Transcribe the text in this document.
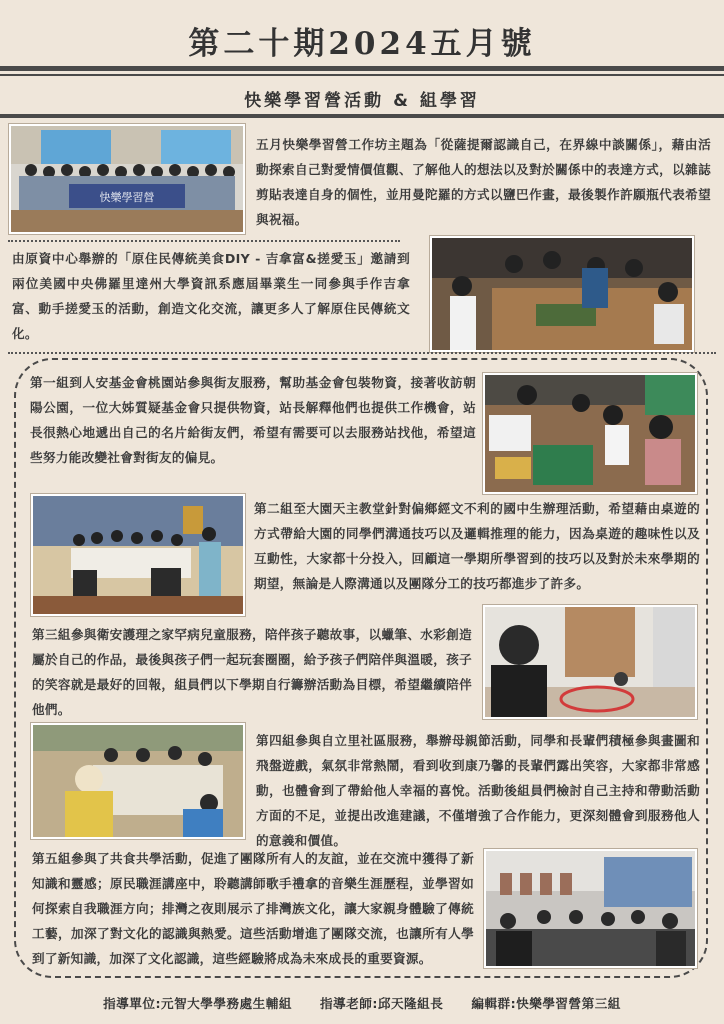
第二十期2024五月號
快樂學習營活動 & 組學習
快樂學習營
五月快樂學習營工作坊主題為「從薩提爾認識自己，在界線中談關係」，藉由活動探索自己對愛情價值觀、了解他人的想法以及對於關係中的表達方式，以雜誌剪貼表達自身的個性，並用曼陀羅的方式以鹽巴作畫，最後製作許願瓶代表希望與祝福。
由原資中心舉辦的「原住民傳統美食DIY - 吉拿富&搓愛玉」邀請到兩位美國中央佛羅里達州大學資訊系應屆畢業生一同參與手作吉拿富、動手搓愛玉的活動，創造文化交流，讓更多人了解原住民傳統文化。
第一組到人安基金會桃園站參與街友服務，幫助基金會包裝物資，接著收訪朝陽公園，一位大姊質疑基金會只提供物資，站長解釋他們也提供工作機會，站長很熱心地遞出自己的名片給街友們，希望有需要可以去服務站找他，希望這些努力能改變社會對街友的偏見。
第二組至大園天主教堂針對偏鄉經文不利的國中生辦理活動，希望藉由桌遊的方式帶給大園的同學們溝通技巧以及邏輯推理的能力，因為桌遊的趣味性以及互動性，大家都十分投入，回顧這一學期所學習到的技巧以及對於未來學期的期望，無論是人際溝通以及團隊分工的技巧都進步了許多。
第三組參與衛安護理之家罕病兒童服務，陪伴孩子聽故事，以蠟筆、水彩創造屬於自己的作品，最後與孩子們一起玩套圈圈，給予孩子們陪伴與溫暖，孩子的笑容就是最好的回報，組員們以下學期自行籌辦活動為目標，希望繼續陪伴他們。
第四組參與自立里社區服務，舉辦母親節活動，同學和長輩們積極參與畫圖和飛盤遊戲，氣氛非常熱鬧，看到收到康乃馨的長輩們露出笑容，大家都非常感動，也體會到了帶給他人幸福的喜悅。活動後組員們檢討自己主持和帶動活動方面的不足，並提出改進建議，不僅增強了合作能力，更深刻體會到服務他人的意義和價值。
第五組參與了共食共學活動，促進了團隊所有人的友誼，並在交流中獲得了新知識和靈感；原民職涯講座中，聆聽講師歌手禮拿的音樂生涯歷程，並學習如何探索自我職涯方向；排灣之夜則展示了排灣族文化，讓大家親身體驗了傳統工藝，加深了對文化的認識與熱愛。這些活動增進了團隊交流，也讓所有人學到了新知識，加深了文化認識，這些經驗將成為未來成長的重要資源。
指導單位:元智大學學務處生輔組 指導老師:邱天隆組長 編輯群:快樂學習營第三組
